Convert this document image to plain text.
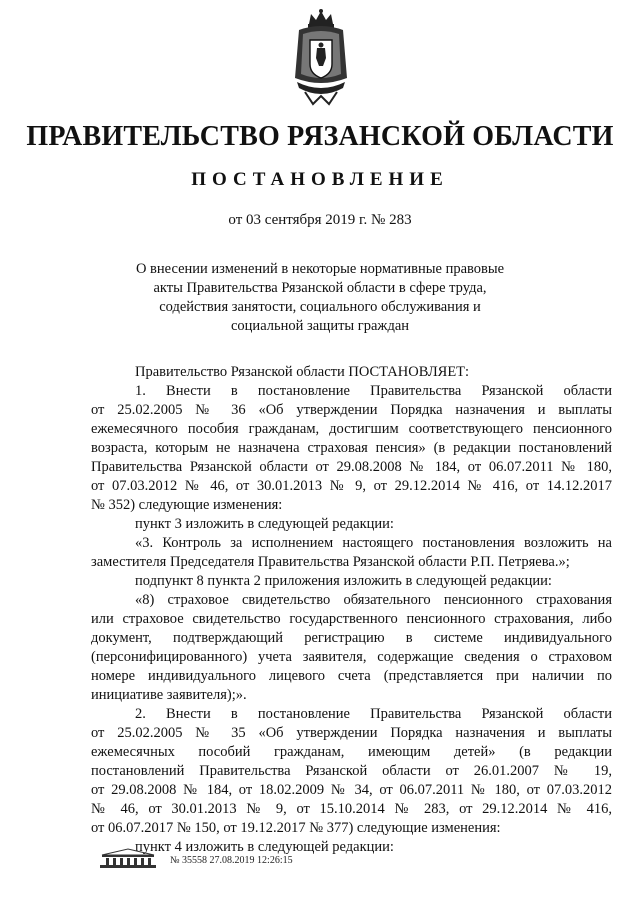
ПРАВИТЕЛЬСТВО РЯЗАНСКОЙ ОБЛАСТИ
ПОСТАНОВЛЕНИЕ
от 03 сентября 2019 г. № 283
О внесении изменений в некоторые нормативные правовые
акты Правительства Рязанской области в сфере труда,
содействия занятости, социального обслуживания и
социальной защиты граждан
Правительство Рязанской области ПОСТАНОВЛЯЕТ:
1. Внести в постановление Правительства Рязанской области
от 25.02.2005 № 36 «Об утверждении Порядка назначения и выплаты
ежемесячного пособия гражданам, достигшим соответствующего пенсионного
возраста, которым не назначена страховая пенсия» (в редакции постановлений
Правительства Рязанской области от 29.08.2008 № 184, от 06.07.2011 № 180,
от 07.03.2012 № 46, от 30.01.2013 № 9, от 29.12.2014 № 416, от 14.12.2017
№ 352) следующие изменения:
пункт 3 изложить в следующей редакции:
«3. Контроль за исполнением настоящего постановления возложить на
заместителя Председателя Правительства Рязанской области Р.П. Петряева.»;
подпункт 8 пункта 2 приложения изложить в следующей редакции:
«8) страховое свидетельство обязательного пенсионного страхования
или страховое свидетельство государственного пенсионного страхования, либо
документ, подтверждающий регистрацию в системе индивидуального
(персонифицированного) учета заявителя, содержащие сведения о страховом
номере индивидуального лицевого счета (представляется при наличии по
инициативе заявителя);».
2. Внести в постановление Правительства Рязанской области
от 25.02.2005 № 35 «Об утверждении Порядка назначения и выплаты
ежемесячных пособий гражданам, имеющим детей» (в редакции
постановлений Правительства Рязанской области от 26.01.2007 № 19,
от 29.08.2008 № 184, от 18.02.2009 № 34, от 06.07.2011 № 180, от 07.03.2012
№ 46, от 30.01.2013 № 9, от 15.10.2014 № 283, от 29.12.2014 № 416,
от 06.07.2017 № 150, от 19.12.2017 № 377) следующие изменения:
пункт 4 изложить в следующей редакции:
№ 35558 27.08.2019 12:26:15
